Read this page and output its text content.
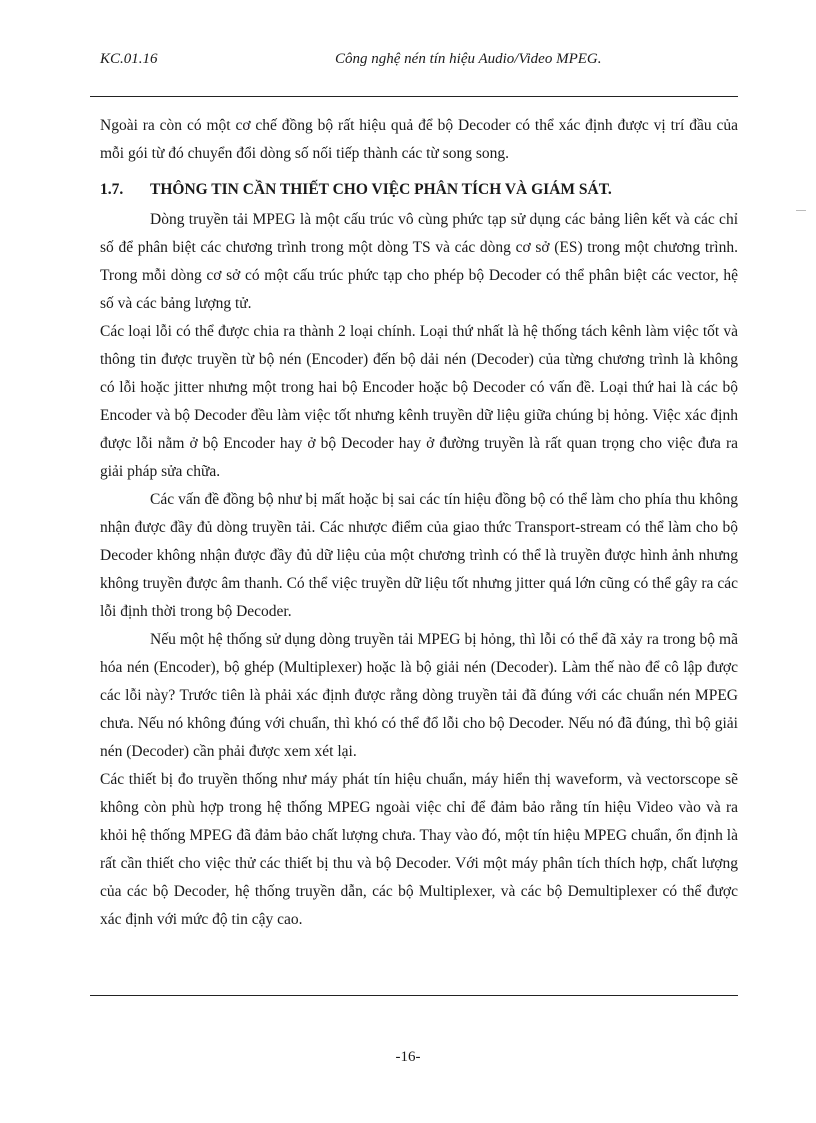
KC.01.16	Công nghệ nén tín hiệu Audio/Video MPEG.

Ngoài ra còn có một cơ chế đồng bộ rất hiệu quả để bộ Decoder có thể xác định được vị trí đầu của mỗi gói từ đó chuyển đổi dòng số nối tiếp thành các từ song song.

1.7.	THÔNG TIN CẦN THIẾT CHO VIỆC PHÂN TÍCH VÀ GIÁM SÁT.

Dòng truyền tải MPEG là một cấu trúc vô cùng phức tạp sử dụng các bảng liên kết và các chỉ số để phân biệt các chương trình trong một dòng TS và các dòng cơ sở (ES) trong một chương trình. Trong mỗi dòng cơ sở có một cấu trúc phức tạp cho phép bộ Decoder có thể phân biệt các vector, hệ số và các bảng lượng tử.

Các loại lỗi có thể được chia ra thành 2 loại chính. Loại thứ nhất là hệ thống tách kênh làm việc tốt và thông tin được truyền từ bộ nén (Encoder) đến bộ dải nén (Decoder) của từng chương trình là không có lỗi hoặc jitter nhưng một trong hai bộ Encoder hoặc bộ Decoder có vấn đề. Loại thứ hai là các bộ Encoder và bộ Decoder đều làm việc tốt nhưng kênh truyền dữ liệu giữa chúng bị hỏng. Việc xác định được lỗi nằm ở bộ Encoder hay ở bộ Decoder hay ở đường truyền là rất quan trọng cho việc đưa ra giải pháp sửa chữa.

Các vấn đề đồng bộ như bị mất hoặc bị sai các tín hiệu đồng bộ có thể làm cho phía thu không nhận được đầy đủ dòng truyền tải. Các nhược điểm của giao thức Transport-stream có thể làm cho bộ Decoder không nhận được đầy đủ dữ liệu của một chương trình có thể là truyền được hình ảnh nhưng không truyền được âm thanh. Có thể việc truyền dữ liệu tốt nhưng jitter quá lớn cũng có thể gây ra các lỗi định thời trong bộ Decoder.

Nếu một hệ thống sử dụng dòng truyền tải MPEG bị hỏng, thì lỗi có thể đã xảy ra trong bộ mã hóa nén (Encoder), bộ ghép (Multiplexer) hoặc là bộ giải nén (Decoder). Làm thế nào để cô lập được các lỗi này? Trước tiên là phải xác định được rằng dòng truyền tải đã đúng với các chuẩn nén MPEG chưa. Nếu nó không đúng với chuẩn, thì khó có thể đổ lỗi cho bộ Decoder. Nếu nó đã đúng, thì bộ giải nén (Decoder) cần phải được xem xét lại.

Các thiết bị đo truyền thống như máy phát tín hiệu chuẩn, máy hiển thị waveform, và vectorscope sẽ không còn phù hợp trong hệ thống MPEG ngoài việc chỉ để đảm bảo rằng tín hiệu Video vào và ra khỏi hệ thống MPEG đã đảm bảo chất lượng chưa. Thay vào đó, một tín hiệu MPEG chuẩn, ổn định là rất cần thiết cho việc thử các thiết bị thu và bộ Decoder. Với một máy phân tích thích hợp, chất lượng của các bộ Decoder, hệ thống truyền dẫn, các bộ Multiplexer, và các bộ Demultiplexer có thể được xác định với mức độ tin cậy cao.

-16-
